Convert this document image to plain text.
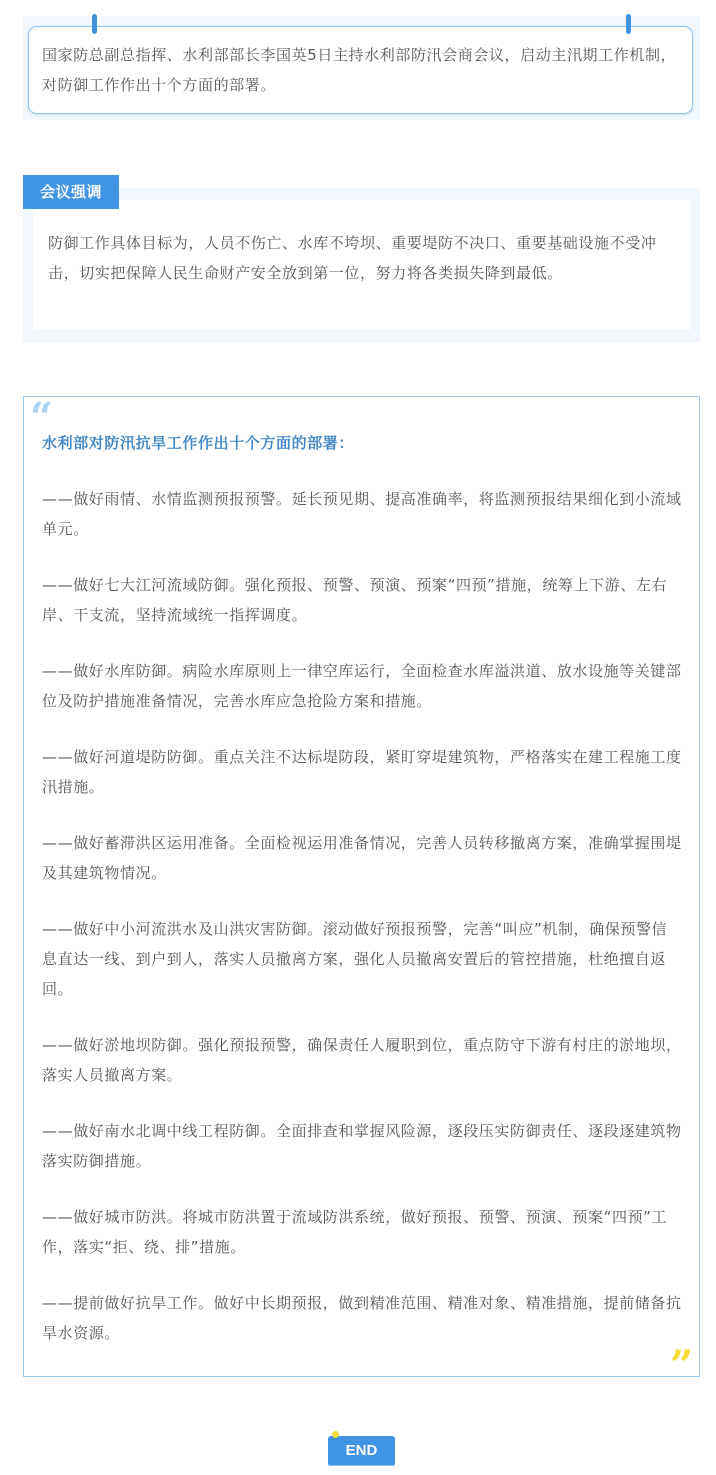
国家防总副总指挥、水利部部长李国英5日主持水利部防汛会商会议，启动主汛期工作机制，对防御工作作出十个方面的部署。
会议强调
防御工作具体目标为，人员不伤亡、水库不垮坝、重要堤防不决口、重要基础设施不受冲击，切实把保障人民生命财产安全放到第一位，努力将各类损失降到最低。
“
水利部对防汛抗旱工作作出十个方面的部署：
——做好雨情、水情监测预报预警。延长预见期、提高准确率，将监测预报结果细化到小流域单元。
——做好七大江河流域防御。强化预报、预警、预演、预案“四预”措施，统筹上下游、左右岸、干支流，坚持流域统一指挥调度。
——做好水库防御。病险水库原则上一律空库运行，全面检查水库溢洪道、放水设施等关键部位及防护措施准备情况，完善水库应急抢险方案和措施。
——做好河道堤防防御。重点关注不达标堤防段，紧盯穿堤建筑物，严格落实在建工程施工度汛措施。
——做好蓄滞洪区运用准备。全面检视运用准备情况，完善人员转移撤离方案，准确掌握围堤及其建筑物情况。
——做好中小河流洪水及山洪灾害防御。滚动做好预报预警，完善“叫应”机制，确保预警信息直达一线、到户到人，落实人员撤离方案，强化人员撤离安置后的管控措施，杜绝擅自返回。
——做好淤地坝防御。强化预报预警，确保责任人履职到位，重点防守下游有村庄的淤地坝，落实人员撤离方案。
——做好南水北调中线工程防御。全面排查和掌握风险源，逐段压实防御责任、逐段逐建筑物落实防御措施。
——做好城市防洪。将城市防洪置于流域防洪系统，做好预报、预警、预演、预案“四预”工作，落实“拒、绕、排”措施。
——提前做好抗旱工作。做好中长期预报，做到精准范围、精准对象、精准措施，提前储备抗旱水资源。
”
END
